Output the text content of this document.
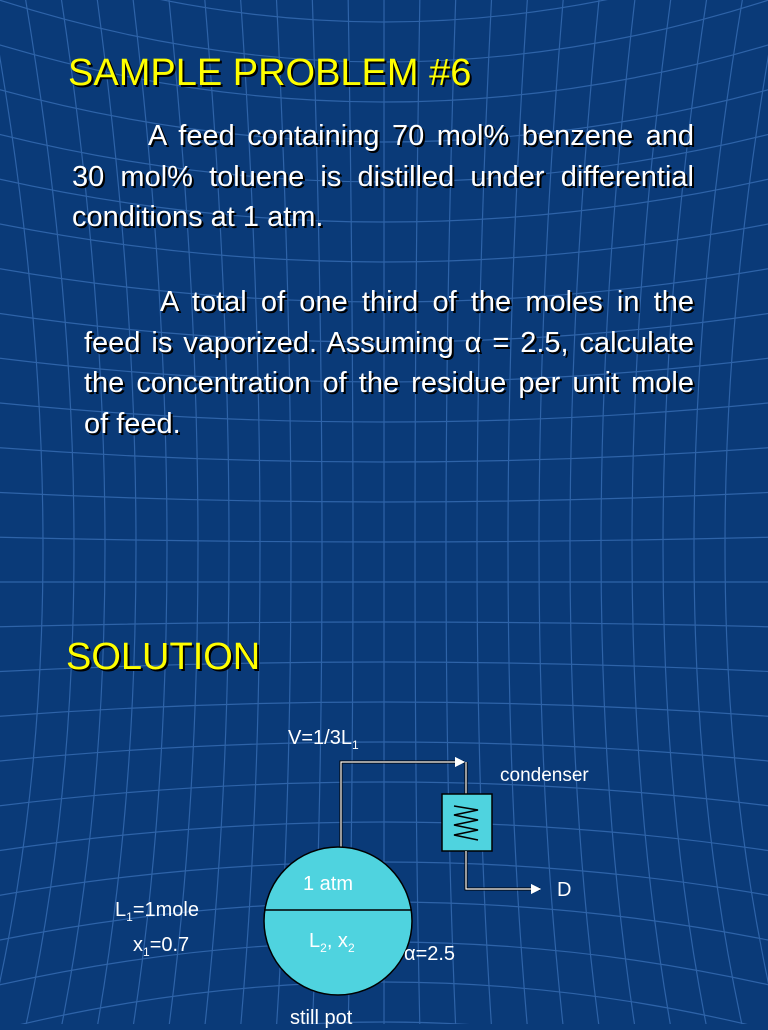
SAMPLE PROBLEM #6

A feed containing 70 mol% benzene and 30 mol% toluene is distilled under differential conditions at 1 atm.

A total of one third of the moles in the feed is vaporized. Assuming α = 2.5, calculate the concentration of the residue per unit mole of feed.

SOLUTION
$V=1/3L_1$
condenser
D
1 atm
$L_2$, $x_2$
$L_1=1mole$
$x_1=0.7$	α=2.5
still pot
